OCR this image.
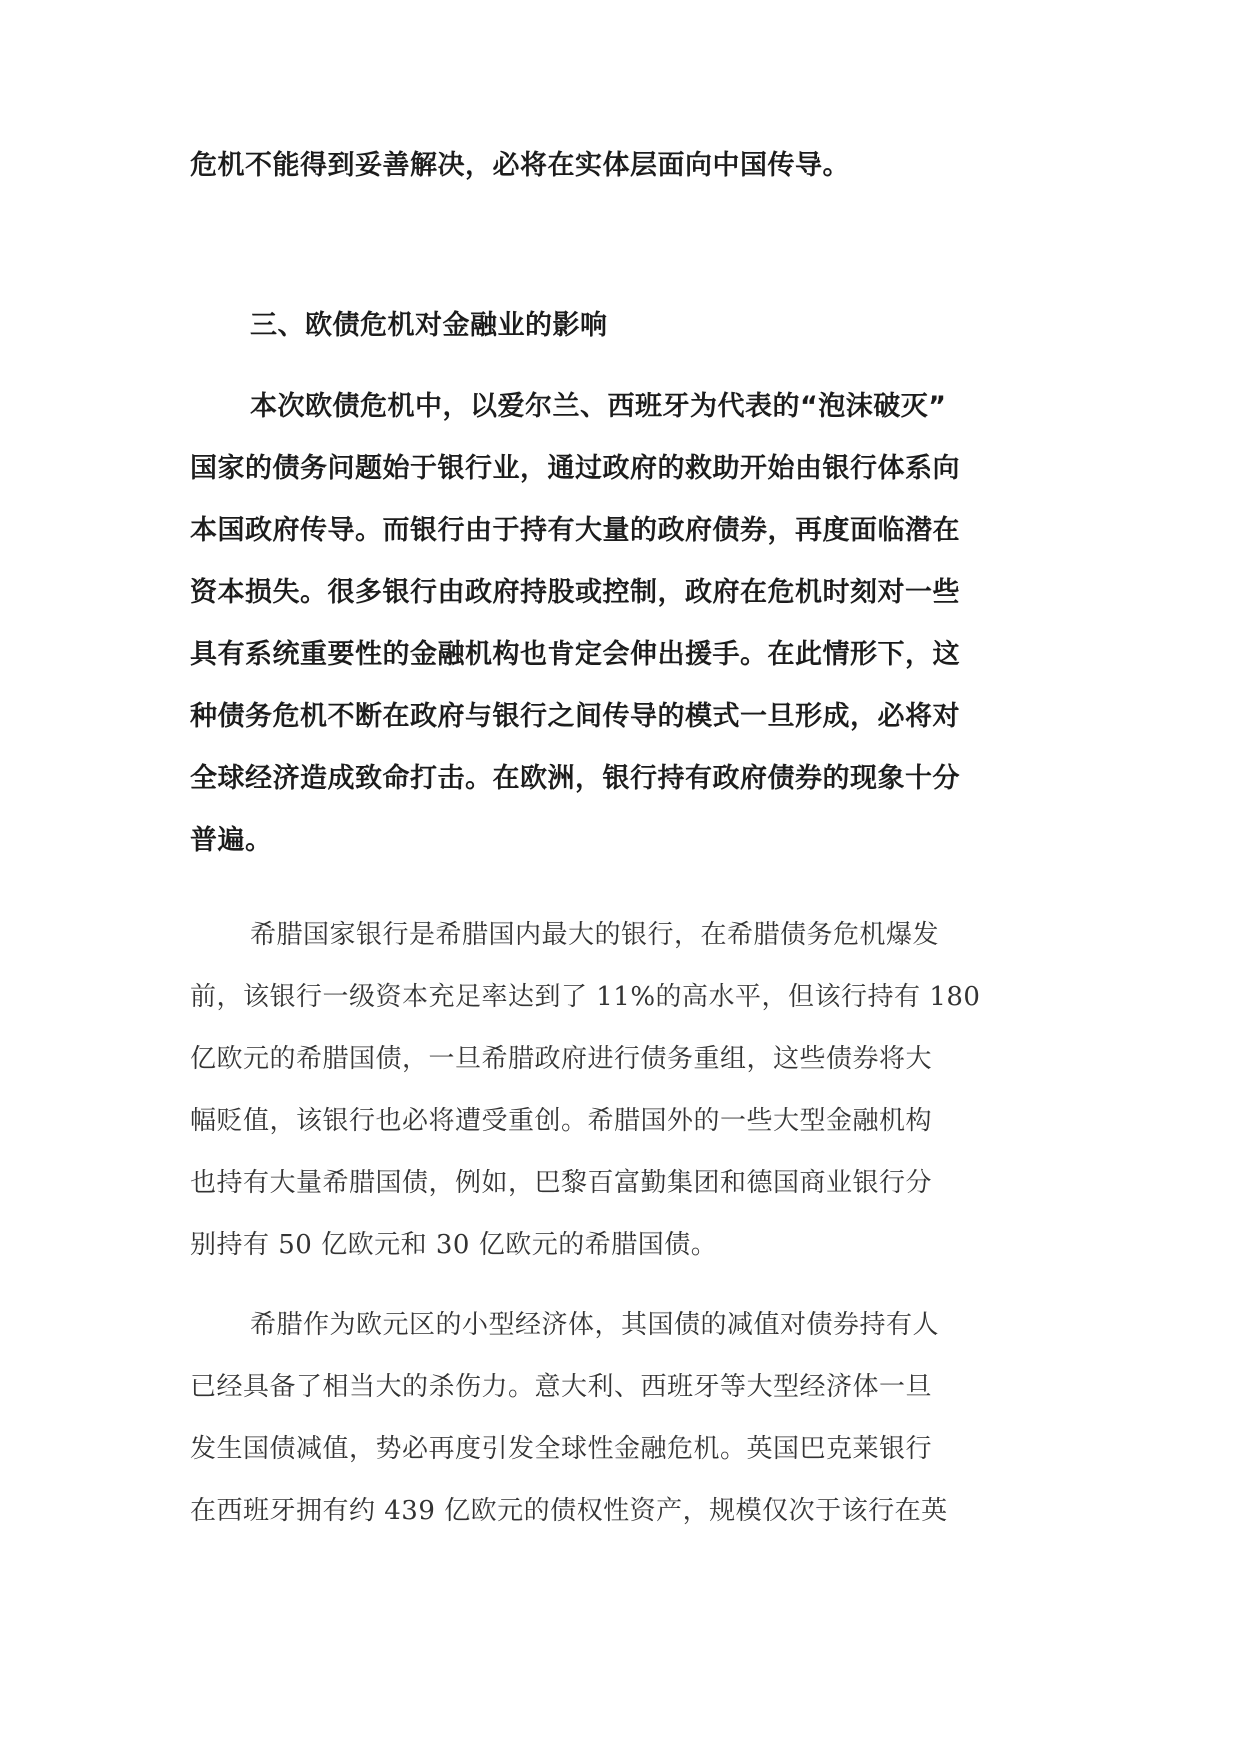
危机不能得到妥善解决，必将在实体层面向中国传导。
三、欧债危机对金融业的影响
本次欧债危机中，以爱尔兰、西班牙为代表的“泡沫破灭”
国家的债务问题始于银行业，通过政府的救助开始由银行体系向
本国政府传导。而银行由于持有大量的政府债券，再度面临潜在
资本损失。很多银行由政府持股或控制，政府在危机时刻对一些
具有系统重要性的金融机构也肯定会伸出援手。在此情形下，这
种债务危机不断在政府与银行之间传导的模式一旦形成，必将对
全球经济造成致命打击。在欧洲，银行持有政府债券的现象十分
普遍。
希腊国家银行是希腊国内最大的银行，在希腊债务危机爆发
前，该银行一级资本充足率达到了 11%的高水平，但该行持有 180
亿欧元的希腊国债，一旦希腊政府进行债务重组，这些债券将大
幅贬值，该银行也必将遭受重创。希腊国外的一些大型金融机构
也持有大量希腊国债，例如，巴黎百富勤集团和德国商业银行分
别持有 50 亿欧元和 30 亿欧元的希腊国债。
希腊作为欧元区的小型经济体，其国债的减值对债券持有人
已经具备了相当大的杀伤力。意大利、西班牙等大型经济体一旦
发生国债减值，势必再度引发全球性金融危机。英国巴克莱银行
在西班牙拥有约 439 亿欧元的债权性资产，规模仅次于该行在英
